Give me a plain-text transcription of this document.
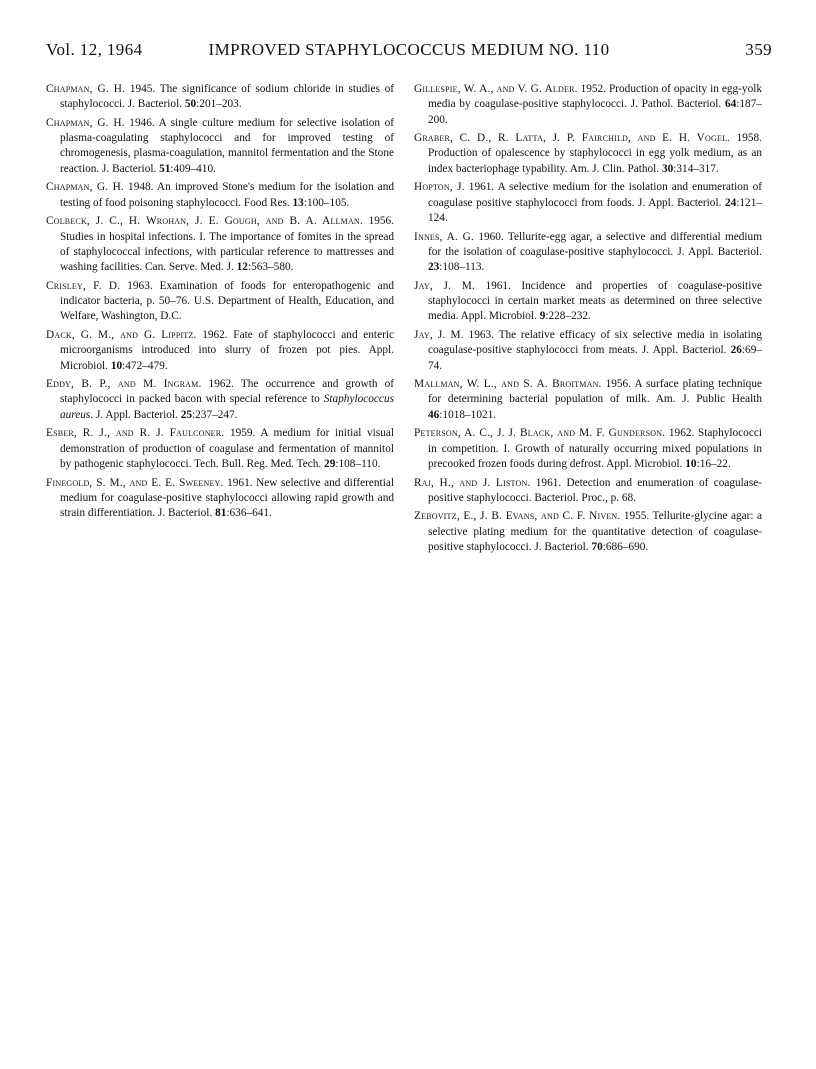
Vol. 12, 1964	IMPROVED STAPHYLOCOCCUS MEDIUM NO. 110	359

Chapman, G. H. 1945. The significance of sodium chloride in studies of staphylococci. J. Bacteriol. 50:201–203.

Chapman, G. H. 1946. A single culture medium for selective isolation of plasma-coagulating staphylococci and for improved testing of chromogenesis, plasma-coagulation, mannitol fermentation and the Stone reaction. J. Bacteriol. 51:409–410.

Chapman, G. H. 1948. An improved Stone's medium for the isolation and testing of food poisoning staphylococci. Food Res. 13:100–105.

Colbeck, J. C., H. Wrohan, J. E. Gough, and B. A. Allman. 1956. Studies in hospital infections. I. The importance of fomites in the spread of staphylococcal infections, with particular reference to mattresses and washing facilities. Can. Serve. Med. J. 12:563–580.

Crisley, F. D. 1963. Examination of foods for enteropathogenic and indicator bacteria, p. 50–76. U.S. Department of Health, Education, and Welfare, Washington, D.C.

Dack, G. M., and G. Lippitz. 1962. Fate of staphylococci and enteric microorganisms introduced into slurry of frozen pot pies. Appl. Microbiol. 10:472–479.

Eddy, B. P., and M. Ingram. 1962. The occurrence and growth of staphylococci in packed bacon with special reference to Staphylococcus aureus. J. Appl. Bacteriol. 25:237–247.

Esber, R. J., and R. J. Faulconer. 1959. A medium for initial visual demonstration of production of coagulase and fermentation of mannitol by pathogenic staphylococci. Tech. Bull. Reg. Med. Tech. 29:108–110.

Finegold, S. M., and E. E. Sweeney. 1961. New selective and differential medium for coagulase-positive staphylococci allowing rapid growth and strain differentiation. J. Bacteriol. 81:636–641.

Gillespie, W. A., and V. G. Alder. 1952. Production of opacity in egg-yolk media by coagulase-positive staphylococci. J. Pathol. Bacteriol. 64:187–200.

Graber, C. D., R. Latta, J. P. Fairchild, and E. H. Vogel. 1958. Production of opalescence by staphylococci in egg yolk medium, as an index bacteriophage typability. Am. J. Clin. Pathol. 30:314–317.

Hopton, J. 1961. A selective medium for the isolation and enumeration of coagulase positive staphylococci from foods. J. Appl. Bacteriol. 24:121–124.

Innes, A. G. 1960. Tellurite-egg agar, a selective and differential medium for the isolation of coagulase-positive staphylococci. J. Appl. Bacteriol. 23:108–113.

Jay, J. M. 1961. Incidence and properties of coagulase-positive staphylococci in certain market meats as determined on three selective media. Appl. Microbiol. 9:228–232.

Jay, J. M. 1963. The relative efficacy of six selective media in isolating coagulase-positive staphylococci from meats. J. Appl. Bacteriol. 26:69–74.

Mallman, W. L., and S. A. Broitman. 1956. A surface plating technique for determining bacterial population of milk. Am. J. Public Health 46:1018–1021.

Peterson, A. C., J. J. Black, and M. F. Gunderson. 1962. Staphylococci in competition. I. Growth of naturally occurring mixed populations in precooked frozen foods during defrost. Appl. Microbiol. 10:16–22.

Raj, H., and J. Liston. 1961. Detection and enumeration of coagulase-positive staphylococci. Bacteriol. Proc., p. 68.

Zebovitz, E., J. B. Evans, and C. F. Niven. 1955. Tellurite-glycine agar: a selective plating medium for the quantitative detection of coagulase-positive staphylococci. J. Bacteriol. 70:686–690.
